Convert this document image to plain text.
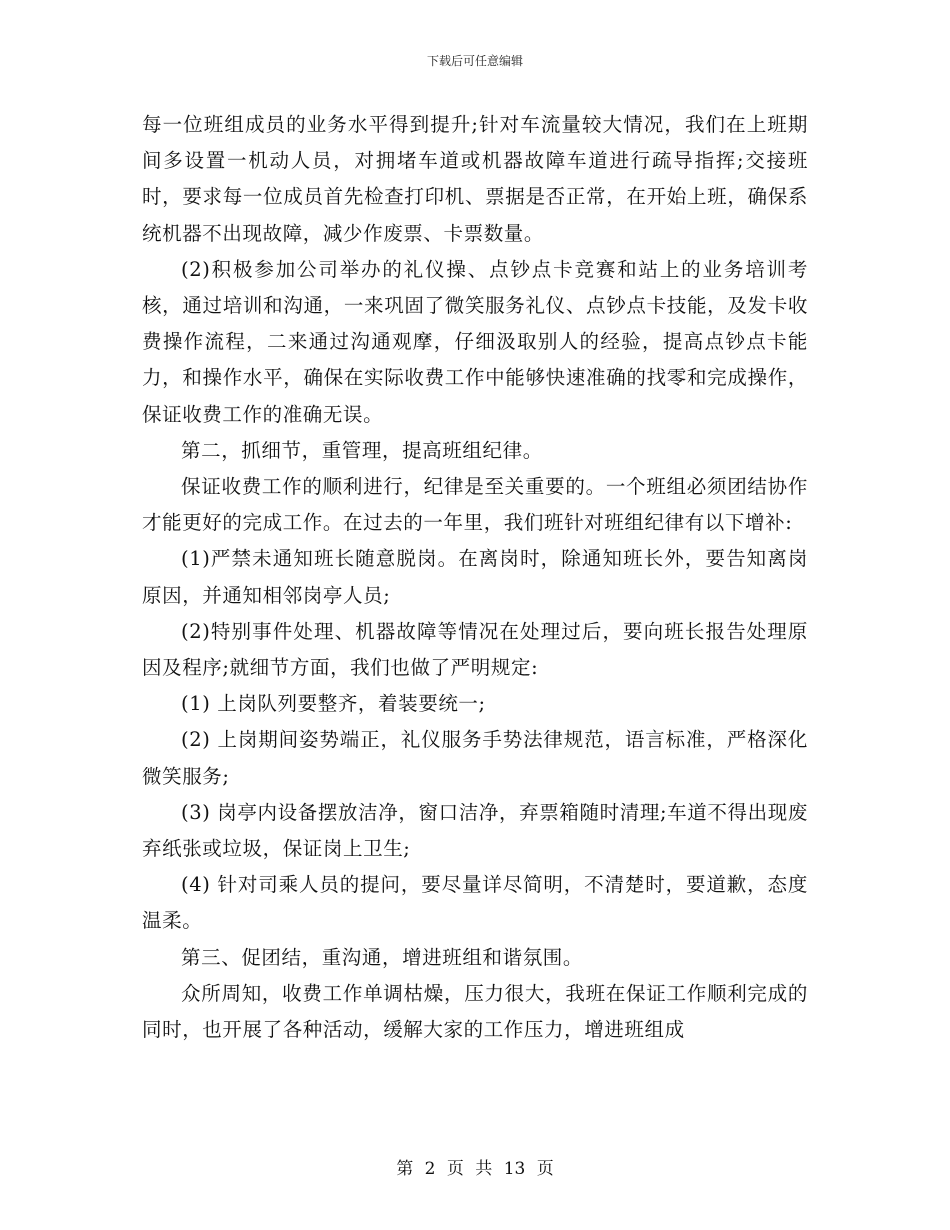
下载后可任意编辑

每一位班组成员的业务水平得到提升;针对车流量较大情况，我们在上班期间多设置一机动人员，对拥堵车道或机器故障车道进行疏导指挥;交接班时，要求每一位成员首先检查打印机、票据是否正常，在开始上班，确保系统机器不出现故障，减少作废票、卡票数量。

(2)积极参加公司举办的礼仪操、点钞点卡竞赛和站上的业务培训考核，通过培训和沟通，一来巩固了微笑服务礼仪、点钞点卡技能，及发卡收费操作流程，二来通过沟通观摩，仔细汲取别人的经验，提高点钞点卡能力，和操作水平，确保在实际收费工作中能够快速准确的找零和完成操作，保证收费工作的准确无误。

第二，抓细节，重管理，提高班组纪律。

保证收费工作的顺利进行，纪律是至关重要的。一个班组必须团结协作才能更好的完成工作。在过去的一年里，我们班针对班组纪律有以下增补:

(1)严禁未通知班长随意脱岗。在离岗时，除通知班长外，要告知离岗原因，并通知相邻岗亭人员;

(2)特别事件处理、机器故障等情况在处理过后，要向班长报告处理原因及程序;就细节方面，我们也做了严明规定:

(1) 上岗队列要整齐，着装要统一;

(2) 上岗期间姿势端正，礼仪服务手势法律规范，语言标准，严格深化微笑服务;

(3) 岗亭内设备摆放洁净，窗口洁净，弃票箱随时清理;车道不得出现废弃纸张或垃圾，保证岗上卫生;

(4) 针对司乘人员的提问，要尽量详尽简明，不清楚时，要道歉，态度温柔。

第三、促团结，重沟通，增进班组和谐氛围。

众所周知，收费工作单调枯燥，压力很大，我班在保证工作顺利完成的同时，也开展了各种活动，缓解大家的工作压力，增进班组成

第 2 页 共 13 页
